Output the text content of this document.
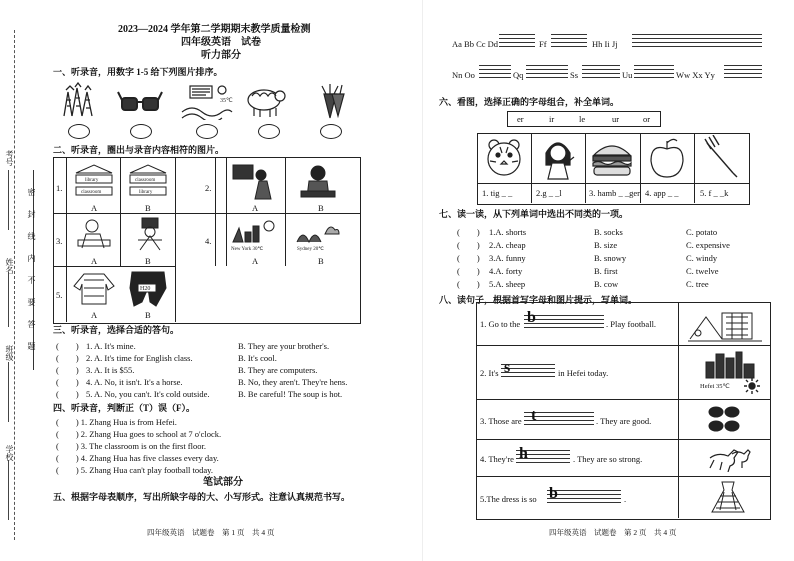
考号
姓名
班级
学校
密
封
线
内
不
要
答
题
2023—2024 学年第二学期期末教学质量检测
四年级英语　试卷
听力部分
一、听录音，用数字 1-5 给下列图片排序。
35℃
二、听录音，圈出与录音内容相符的图片。
1.	2.
3.	4.
5.
library
classroom
classroom
library
A	B	A	B
New York 30℃	Sydney 20℃
A	B	A	B
H20
A	B
三、听录音，选择合适的答句。
(　　) 1. A. It's mine.	B. They are your brother's.
(　　) 2. A. It's time for English class.	B. It's cool.
(　　) 3. A. It is $55.	B. They are computers.
(　　) 4. A. No, it isn't. It's a horse.	B. No, they aren't. They're hens.
(　　) 5. A. No, you can't. It's cold outside.	B. Be careful! The soup is hot.
四、听录音，判断正（T）误（F）。
(　　) 1. Zhang Hua is from Hefei.
(　　) 2. Zhang Hua goes to school at 7 o'clock.
(　　) 3. The classroom is on the first floor.
(　　) 4. Zhang Hua has five classes every day.
(　　) 5. Zhang Hua can't play football today.
笔试部分
五、根据字母表顺序，写出所缺字母的大、小写形式。注意认真规范书写。
四年级英语　试题卷　第 1 页　共 4 页
Aa Bb Cc Dd	Ff	Hh Ii Jj
Nn Oo	Qq	Ss	Uu	Ww Xx Yy
六、看图，选择正确的字母组合，补全单词。
er	ir	le	ur	or
1. tig _ _	2.g _ _l	3. hamb _ _ger 4. app _ _	5. f _ _k
七、读一读，从下列单词中选出不同类的一项。
(　　) 1.A. shorts	B. socks	C. potato
(　　) 2.A. cheap	B. size	C. expensive
(　　) 3.A. funny	B. snowy	C. windy
(　　) 4.A. forty	B. first	C. twelve
(　　) 5.A. sheep	B. cow	C. tree
八、读句子，根据首写字母和图片提示，写单词。
1. Go to the b	. Play football.
2. It's s	in Hefei today.
Hefei 35℃
3. Those are t	. They are good.
4. They're h	. They are so strong.
5.The dress is so b	.
四年级英语　试题卷　第 2 页　共 4 页
